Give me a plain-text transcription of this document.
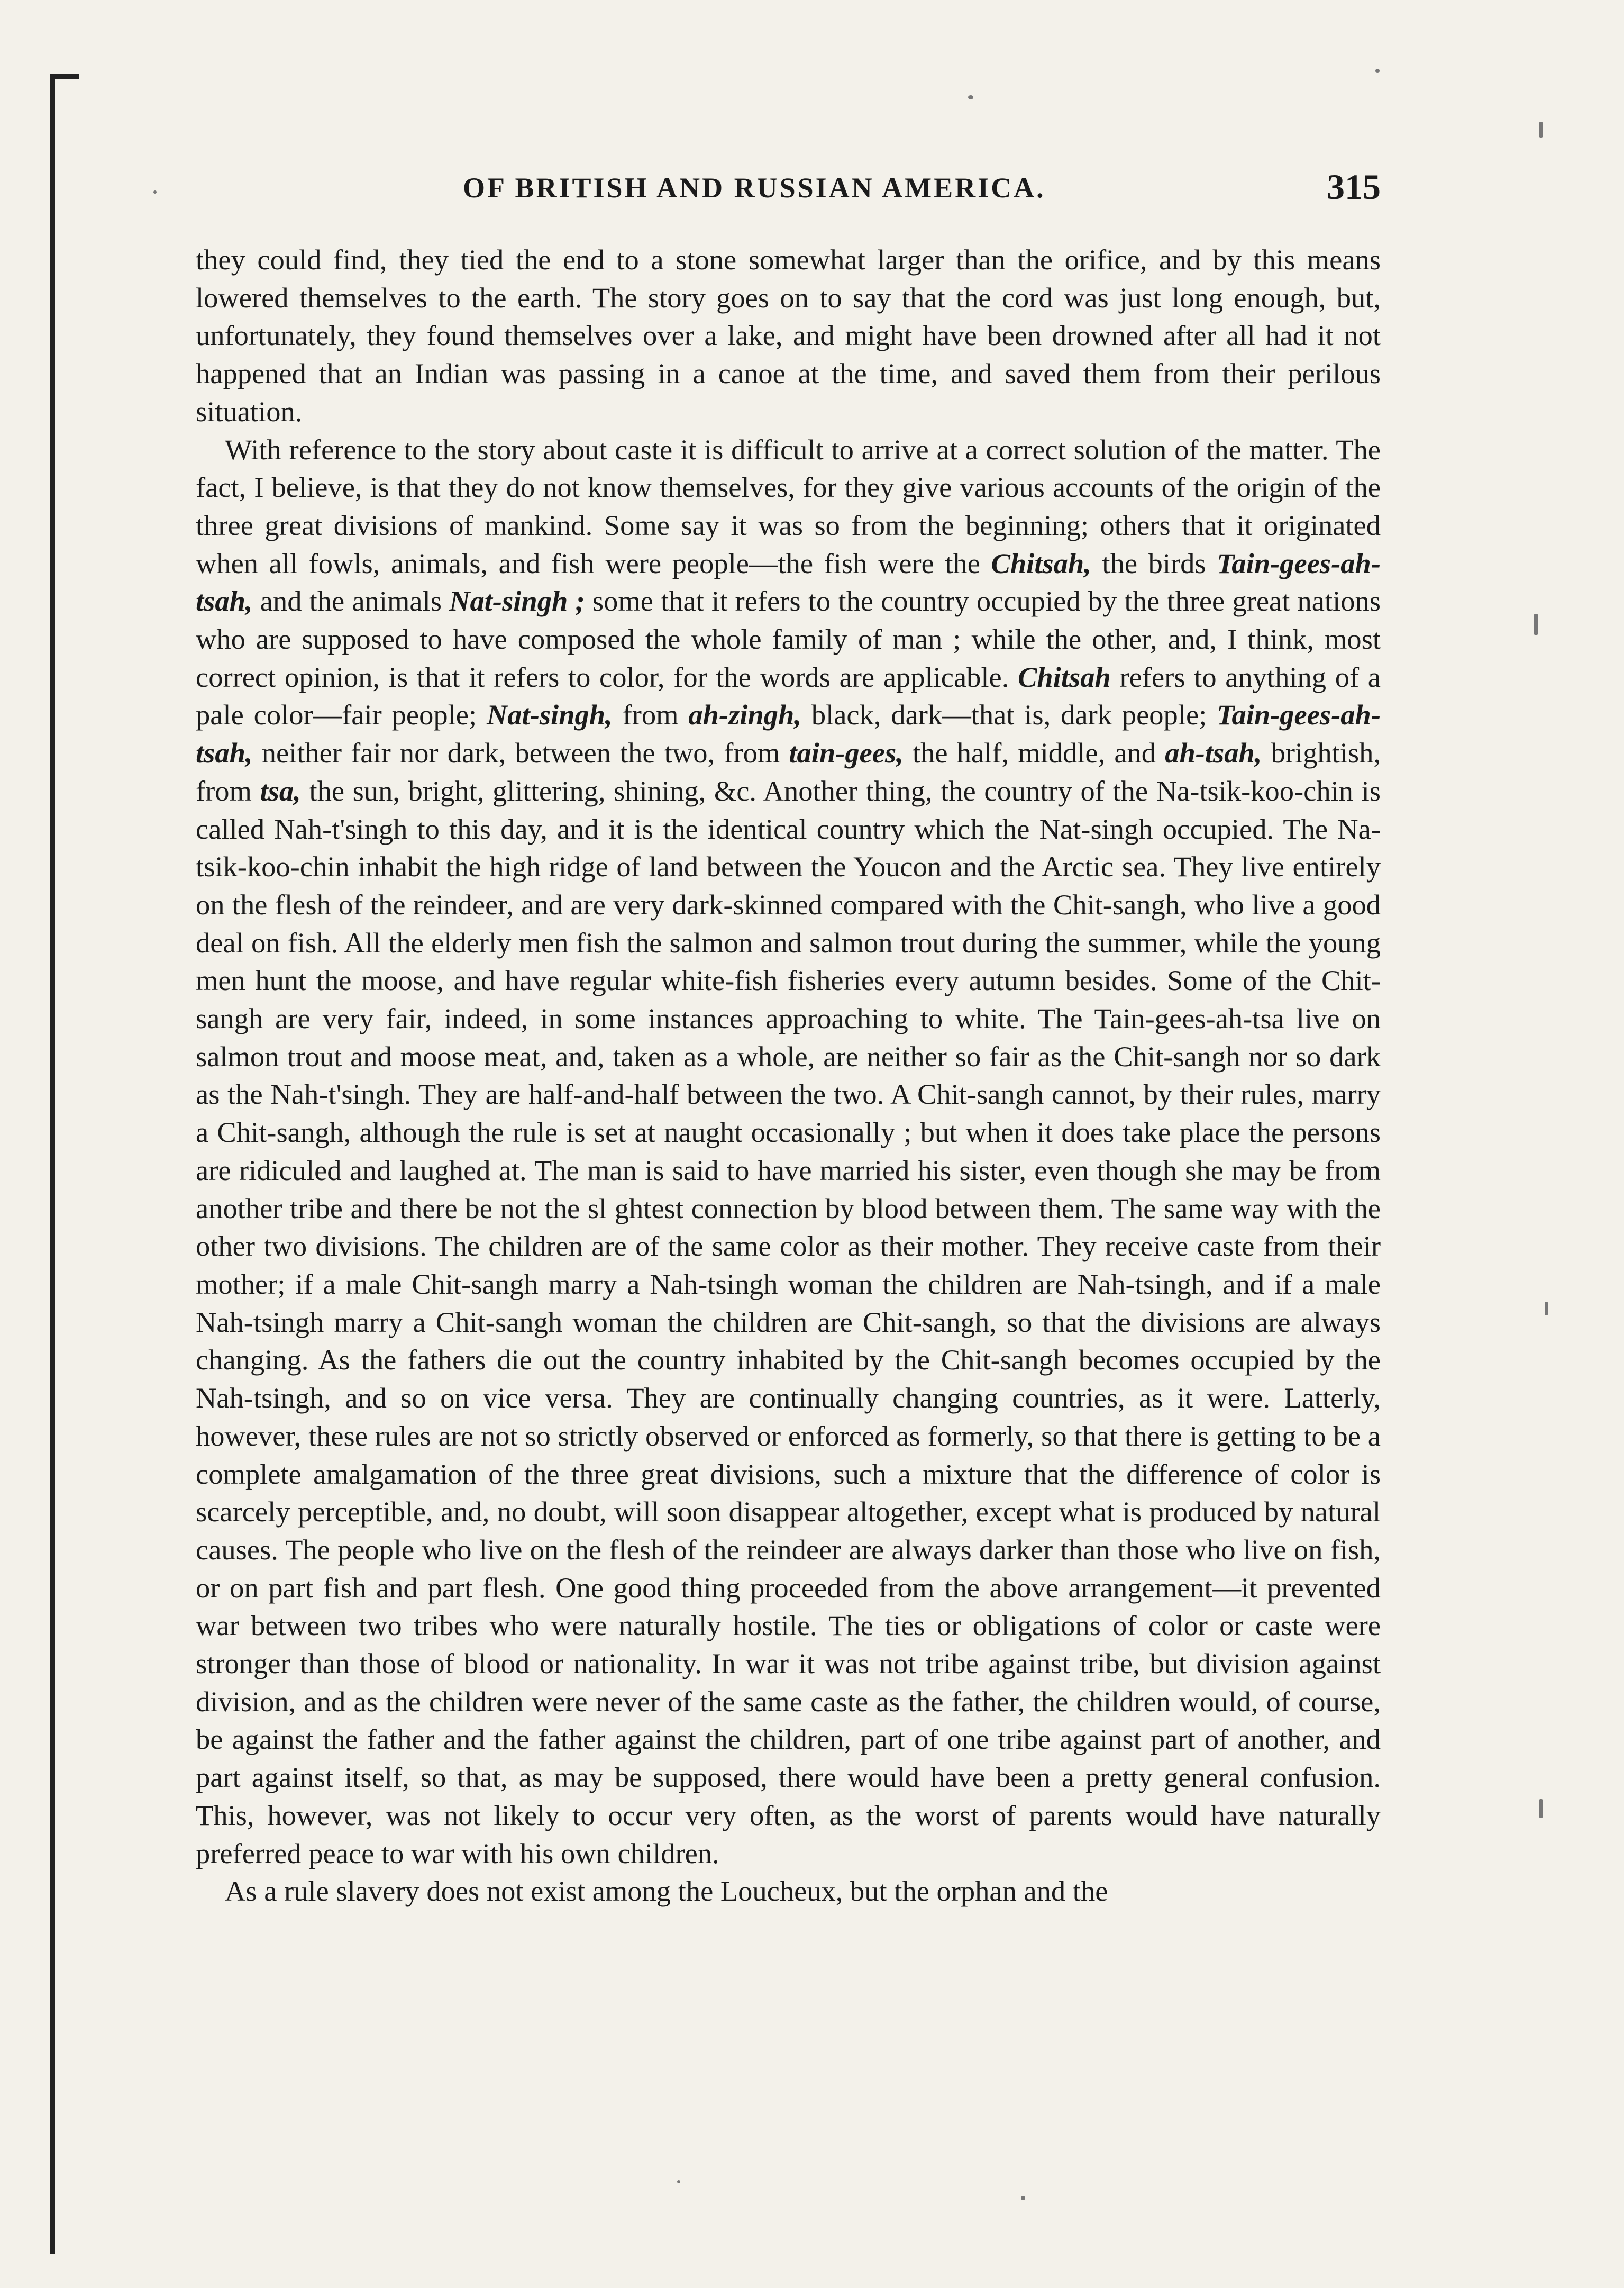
OF BRITISH AND RUSSIAN AMERICA.	315

they could find, they tied the end to a stone somewhat larger than the orifice, and by this means lowered themselves to the earth. The story goes on to say that the cord was just long enough, but, unfortunately, they found themselves over a lake, and might have been drowned after all had it not happened that an Indian was passing in a canoe at the time, and saved them from their perilous situation.

With reference to the story about caste it is difficult to arrive at a correct solution of the matter. The fact, I believe, is that they do not know themselves, for they give various accounts of the origin of the three great divisions of mankind. Some say it was so from the beginning; others that it originated when all fowls, animals, and fish were people—the fish were the Chitsah, the birds Tain-gees-ah-tsah, and the animals Nat-singh ; some that it refers to the country occupied by the three great nations who are supposed to have composed the whole family of man ; while the other, and, I think, most correct opinion, is that it refers to color, for the words are applicable. Chitsah refers to anything of a pale color—fair people; Nat-singh, from ah-zingh, black, dark—that is, dark people; Tain-gees-ah-tsah, neither fair nor dark, between the two, from tain-gees, the half, middle, and ah-tsah, brightish, from tsa, the sun, bright, glittering, shining, &c. Another thing, the country of the Na-tsik-koo-chin is called Nah-t'singh to this day, and it is the identical country which the Nat-singh occupied. The Na-tsik-koo-chin inhabit the high ridge of land between the Youcon and the Arctic sea. They live entirely on the flesh of the reindeer, and are very dark-skinned compared with the Chit-sangh, who live a good deal on fish. All the elderly men fish the salmon and salmon trout during the summer, while the young men hunt the moose, and have regular white-fish fisheries every autumn besides. Some of the Chit-sangh are very fair, indeed, in some instances approaching to white. The Tain-gees-ah-tsa live on salmon trout and moose meat, and, taken as a whole, are neither so fair as the Chit-sangh nor so dark as the Nah-t'singh. They are half-and-half between the two. A Chit-sangh cannot, by their rules, marry a Chit-sangh, although the rule is set at naught occasionally ; but when it does take place the persons are ridiculed and laughed at. The man is said to have married his sister, even though she may be from another tribe and there be not the sl ghtest connection by blood between them. The same way with the other two divisions. The children are of the same color as their mother. They receive caste from their mother; if a male Chit-sangh marry a Nah-tsingh woman the children are Nah-tsingh, and if a male Nah-tsingh marry a Chit-sangh woman the children are Chit-sangh, so that the divisions are always changing. As the fathers die out the country inhabited by the Chit-sangh becomes occupied by the Nah-tsingh, and so on vice versa. They are continually changing countries, as it were. Latterly, however, these rules are not so strictly observed or enforced as formerly, so that there is getting to be a complete amalgamation of the three great divisions, such a mixture that the difference of color is scarcely perceptible, and, no doubt, will soon disappear altogether, except what is produced by natural causes. The people who live on the flesh of the reindeer are always darker than those who live on fish, or on part fish and part flesh. One good thing proceeded from the above arrangement—it prevented war between two tribes who were naturally hostile. The ties or obligations of color or caste were stronger than those of blood or nationality. In war it was not tribe against tribe, but division against division, and as the children were never of the same caste as the father, the children would, of course, be against the father and the father against the children, part of one tribe against part of another, and part against itself, so that, as may be supposed, there would have been a pretty general confusion. This, however, was not likely to occur very often, as the worst of parents would have naturally preferred peace to war with his own children.

As a rule slavery does not exist among the Loucheux, but the orphan and the
